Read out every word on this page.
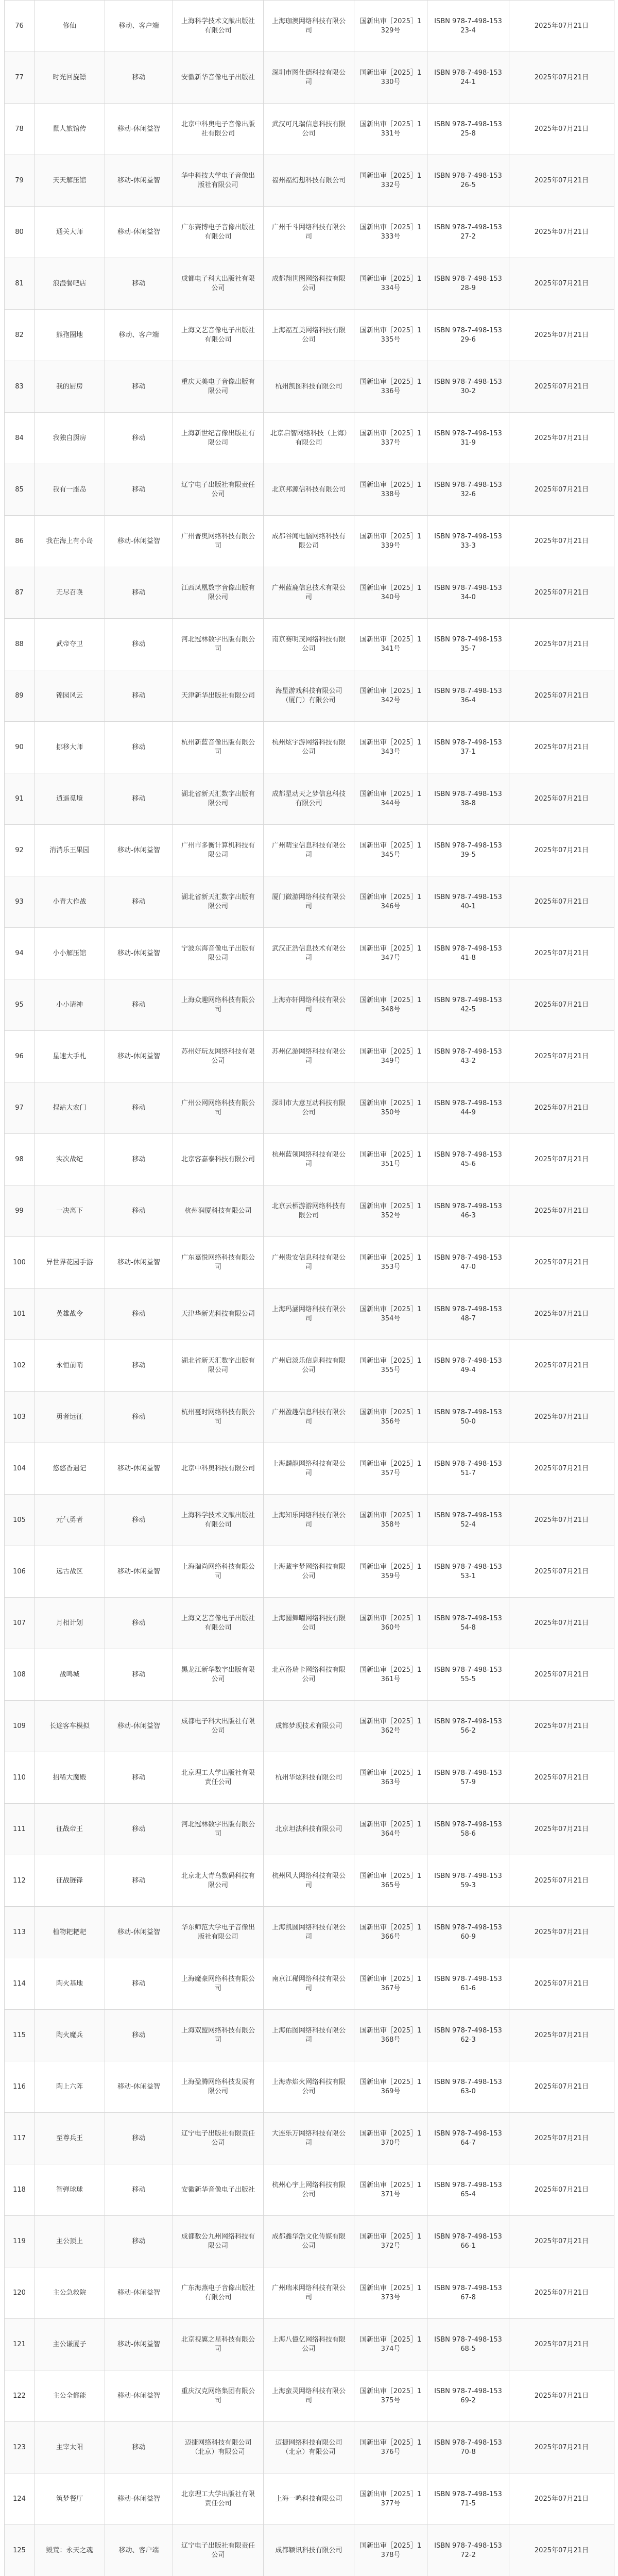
76	修仙	移动、客户端	上海科学技术文献出版社有限公司	上海珈澳网络科技有限公司	国新出审［2025］1329号	ISBN 978-7-498-15323-4	2025年07月21日
77	时光回旋镖	移动	安徽新华音像电子出版社	深圳市图仕德科技有限公司	国新出审［2025］1330号	ISBN 978-7-498-15324-1	2025年07月21日
78	鼠人旅馆传	移动-休闲益智	北京中科奥电子音像出版社有限公司	武汉可凡瑞信息科技有限公司	国新出审［2025］1331号	ISBN 978-7-498-15325-8	2025年07月21日
79	天天解压馆	移动-休闲益智	华中科技大学电子音像出版社有限公司	福州福幻想科技有限公司	国新出审［2025］1332号	ISBN 978-7-498-15326-5	2025年07月21日
80	通关大师	移动-休闲益智	广东赛博电子音像出版社有限公司	广州千斗网络科技有限公司	国新出审［2025］1333号	ISBN 978-7-498-15327-2	2025年07月21日
81	浪漫餐吧店	移动	成都电子科大出版社有限公司	成都翔世图网络科技有限公司	国新出审［2025］1334号	ISBN 978-7-498-15328-9	2025年07月21日
82	熊孢圈地	移动、客户端	上海文艺音像电子出版社有限公司	上海福互美网络科技有限公司	国新出审［2025］1335号	ISBN 978-7-498-15329-6	2025年07月21日
83	我的厨房	移动	重庆天美电子音像出版有限公司	杭州凯图科技有限公司	国新出审［2025］1336号	ISBN 978-7-498-15330-2	2025年07月21日
84	我独自厨房	移动	上海新世纪音像出版社有限公司	北京启智网络科技（上海）有限公司	国新出审［2025］1337号	ISBN 978-7-498-15331-9	2025年07月21日
85	我有一座岛	移动	辽宁电子出版社有限责任公司	北京邦源信科技有限公司	国新出审［2025］1338号	ISBN 978-7-498-15332-6	2025年07月21日
86	我在海上有小岛	移动-休闲益智	广州普奥网络科技有限公司	成都谷闻电脑网络科技有限公司	国新出审［2025］1339号	ISBN 978-7-498-15333-3	2025年07月21日
87	无尽召唤	移动	江西凤凰数字音像出版有限公司	广州蓝鹿信息技术有限公司	国新出审［2025］1340号	ISBN 978-7-498-15334-0	2025年07月21日
88	武帝夺卫	移动	河北冠林数字出版有限公司	南京赛明茂网络科技有限公司	国新出审［2025］1341号	ISBN 978-7-498-15335-7	2025年07月21日
89	锦园风云	移动	天津新华出版社有限公司	海星游戏科技有限公司（厦门）有限公司	国新出审［2025］1342号	ISBN 978-7-498-15336-4	2025年07月21日
90	挪移大师	移动	杭州新蓝音像出版有限公司	杭州炫宇游网络科技有限公司	国新出审［2025］1343号	ISBN 978-7-498-15337-1	2025年07月21日
91	逍遥觅境	移动	湖北省新天汇数字出版有限公司	成都星动天之梦信息科技有限公司	国新出审［2025］1344号	ISBN 978-7-498-15338-8	2025年07月21日
92	消消乐王果园	移动-休闲益智	广州市多衡计算机科技有限公司	广州萌宝信息科技有限公司	国新出审［2025］1345号	ISBN 978-7-498-15339-5	2025年07月21日
93	小青大作战	移动	湖北省新天汇数字出版有限公司	厦门微游网络科技有限公司	国新出审［2025］1346号	ISBN 978-7-498-15340-1	2025年07月21日
94	小小解压馆	移动-休闲益智	宁波东海音像电子出版有限公司	武汉正浩信息技术有限公司	国新出审［2025］1347号	ISBN 978-7-498-15341-8	2025年07月21日
95	小小请神	移动	上海众趣网络科技有限公司	上海亦轩网络科技有限公司	国新出审［2025］1348号	ISBN 978-7-498-15342-5	2025年07月21日
96	星速大手札	移动-休闲益智	苏州好玩友网络科技有限公司	苏州亿游网络科技有限公司	国新出审［2025］1349号	ISBN 978-7-498-15343-2	2025年07月21日
97	捏站大农门	移动	广州公网网络科技有限公司	深圳市大意互动科技有限公司	国新出审［2025］1350号	ISBN 978-7-498-15344-9	2025年07月21日
98	实次战纪	移动	北京容嘉泰科技有限公司	杭州蓝领网络科技有限公司	国新出审［2025］1351号	ISBN 978-7-498-15345-6	2025年07月21日
99	一决离下	移动	杭州润厦科技有限公司	北京云栖游游网络科技有限公司	国新出审［2025］1352号	ISBN 978-7-498-15346-3	2025年07月21日
100	异世界花园手游	移动-休闲益智	广东嘉悦网络科技有限公司	广州贵安信息科技有限公司	国新出审［2025］1353号	ISBN 978-7-498-15347-0	2025年07月21日
101	英雄战令	移动	天津华新光科技有限公司	上海玛涵网络科技有限公司	国新出审［2025］1354号	ISBN 978-7-498-15348-7	2025年07月21日
102	永恒前哨	移动	湖北省新天汇数字出版有限公司	广州启淡乐信息科技有限公司	国新出审［2025］1355号	ISBN 978-7-498-15349-4	2025年07月21日
103	勇者远征	移动	杭州蔓时网络科技有限公司	广州盈趣信息科技有限公司	国新出审［2025］1356号	ISBN 978-7-498-15350-0	2025年07月21日
104	悠悠香遇记	移动-休闲益智	北京中科奥科技有限公司	上海麟龍网络科技有限公司	国新出审［2025］1357号	ISBN 978-7-498-15351-7	2025年07月21日
105	元气勇者	移动	上海科学技术文献出版社有限公司	上海知乐网络科技有限公司	国新出审［2025］1358号	ISBN 978-7-498-15352-4	2025年07月21日
106	远古战区	移动-休闲益智	上海瑞尚网络科技有限公司	上海藏宇梦网络科技有限公司	国新出审［2025］1359号	ISBN 978-7-498-15353-1	2025年07月21日
107	月相计划	移动	上海文艺音像电子出版社有限公司	上海圆舞曜网络科技有限公司	国新出审［2025］1360号	ISBN 978-7-498-15354-8	2025年07月21日
108	战鸣城	移动	黑龙江新华数字出版有限公司	北京洛瑞卡网络科技有限公司	国新出审［2025］1361号	ISBN 978-7-498-15355-5	2025年07月21日
109	长途客车模拟	移动-休闲益智	成都电子科大出版社有限公司	成都梦现技术有限公司	国新出审［2025］1362号	ISBN 978-7-498-15356-2	2025年07月21日
110	招稀大魔殿	移动	北京理工大学出版社有限责任公司	杭州华炫科技有限公司	国新出审［2025］1363号	ISBN 978-7-498-15357-9	2025年07月21日
111	征战帝王	移动	河北冠林数字出版有限公司	北京坦法科技有限公司	国新出审［2025］1364号	ISBN 978-7-498-15358-6	2025年07月21日
112	征战链锋	移动	北京北大青鸟数码科技有限公司	杭州风大网络科技有限公司	国新出审［2025］1365号	ISBN 978-7-498-15359-3	2025年07月21日
113	植物耙耙耙	移动-休闲益智	华东师范大学电子音像出版社有限公司	上海凯圆网络科技有限公司	国新出审［2025］1366号	ISBN 978-7-498-15360-9	2025年07月21日
114	陶火基地	移动	上海魔豪网络科技有限公司	南京江稀网络科技有限公司	国新出审［2025］1367号	ISBN 978-7-498-15361-6	2025年07月21日
115	陶火魔兵	移动	上海双盟网络科技有限公司	上海佑图网络科技有限公司	国新出审［2025］1368号	ISBN 978-7-498-15362-3	2025年07月21日
116	陶上六阵	移动-休闲益智	上海盈腾网络科技发展有限公司	上海赤焰火网络科技有限公司	国新出审［2025］1369号	ISBN 978-7-498-15363-0	2025年07月21日
117	至尊兵王	移动	辽宁电子出版社有限责任公司	大连乐万网络科技有限公司	国新出审［2025］1370号	ISBN 978-7-498-15364-7	2025年07月21日
118	智弹球球	移动	安徽新华音像电子出版社	杭州心宇上网络科技有限公司	国新出审［2025］1371号	ISBN 978-7-498-15365-4	2025年07月21日
119	主公顶上	移动	成都数公九州网络科技有限公司	成都鑫华浩文化传媒有限公司	国新出审［2025］1372号	ISBN 978-7-498-15366-1	2025年07月21日
120	主公急救院	移动-休闲益智	广东海燕电子音像出版社有限公司	广州瑞米网络科技有限公司	国新出审［2025］1373号	ISBN 978-7-498-15367-8	2025年07月21日
121	主公谦厦子	移动-休闲益智	北京视翼之星科技有限公司	上海八億亿网络科技有限公司	国新出审［2025］1374号	ISBN 978-7-498-15368-5	2025年07月21日
122	主公全都能	移动-休闲益智	重庆汉克网络集团有限公司	上海蛮灵网络科技有限公司	国新出审［2025］1375号	ISBN 978-7-498-15369-2	2025年07月21日
123	主宰太阳	移动	迈捷网络科技有限公司（北京）有限公司	迈捷网络科技有限公司（北京）有限公司	国新出审［2025］1376号	ISBN 978-7-498-15370-8	2025年07月21日
124	筑梦餐厅	移动-休闲益智	北京理工大学出版社有限责任公司	上海一鸣科技有限公司	国新出审［2025］1377号	ISBN 978-7-498-15371-5	2025年07月21日
125	毁荒：永天之魂	移动、客户端	辽宁电子出版社有限责任公司	成都颖讯科技有限公司	国新出审［2025］1378号	ISBN 978-7-498-15372-2	2025年07月21日
